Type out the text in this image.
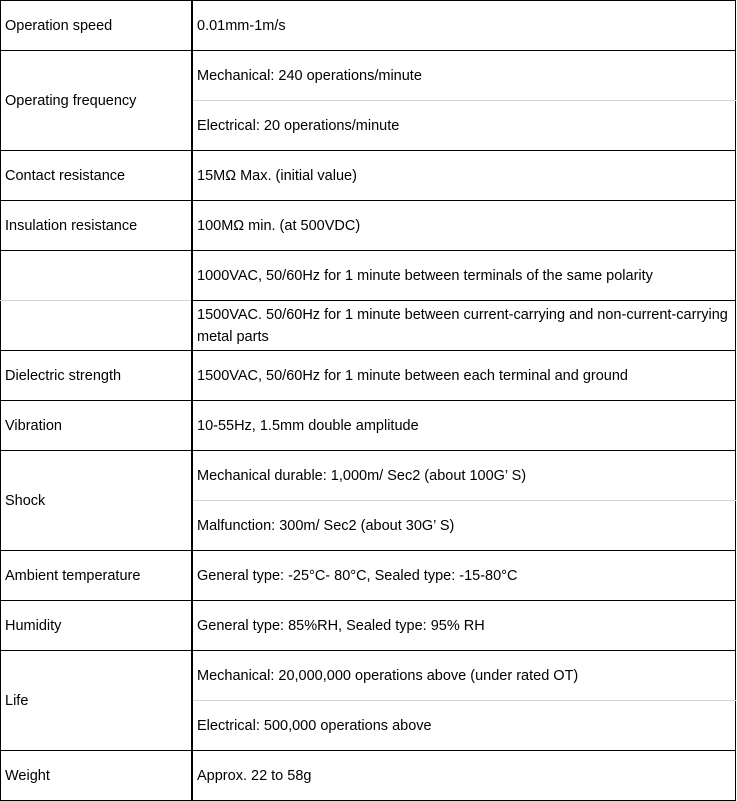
Operation speed	0.01mm-1m/s
Operating frequency	Mechanical: 240 operations/minute
	Electrical: 20 operations/minute
Contact resistance	15MΩ Max. (initial value)
Insulation resistance	100MΩ min. (at 500VDC)
	1000VAC, 50/60Hz for 1 minute between terminals of the same polarity
	1500VAC. 50/60Hz for 1 minute between current-carrying and non-current-carrying metal parts
Dielectric strength	1500VAC, 50/60Hz for 1 minute between each terminal and ground
Vibration	10-55Hz, 1.5mm double amplitude
Shock	Mechanical durable: 1,000m/ Sec2 (about 100G’ S)
	Malfunction: 300m/ Sec2 (about 30G’ S)
Ambient temperature	General type: -25°C- 80°C, Sealed type: -15-80°C
Humidity	General type: 85%RH, Sealed type: 95% RH
Life	Mechanical: 20,000,000 operations above (under rated OT)
	Electrical: 500,000 operations above
Weight	Approx. 22 to 58g
